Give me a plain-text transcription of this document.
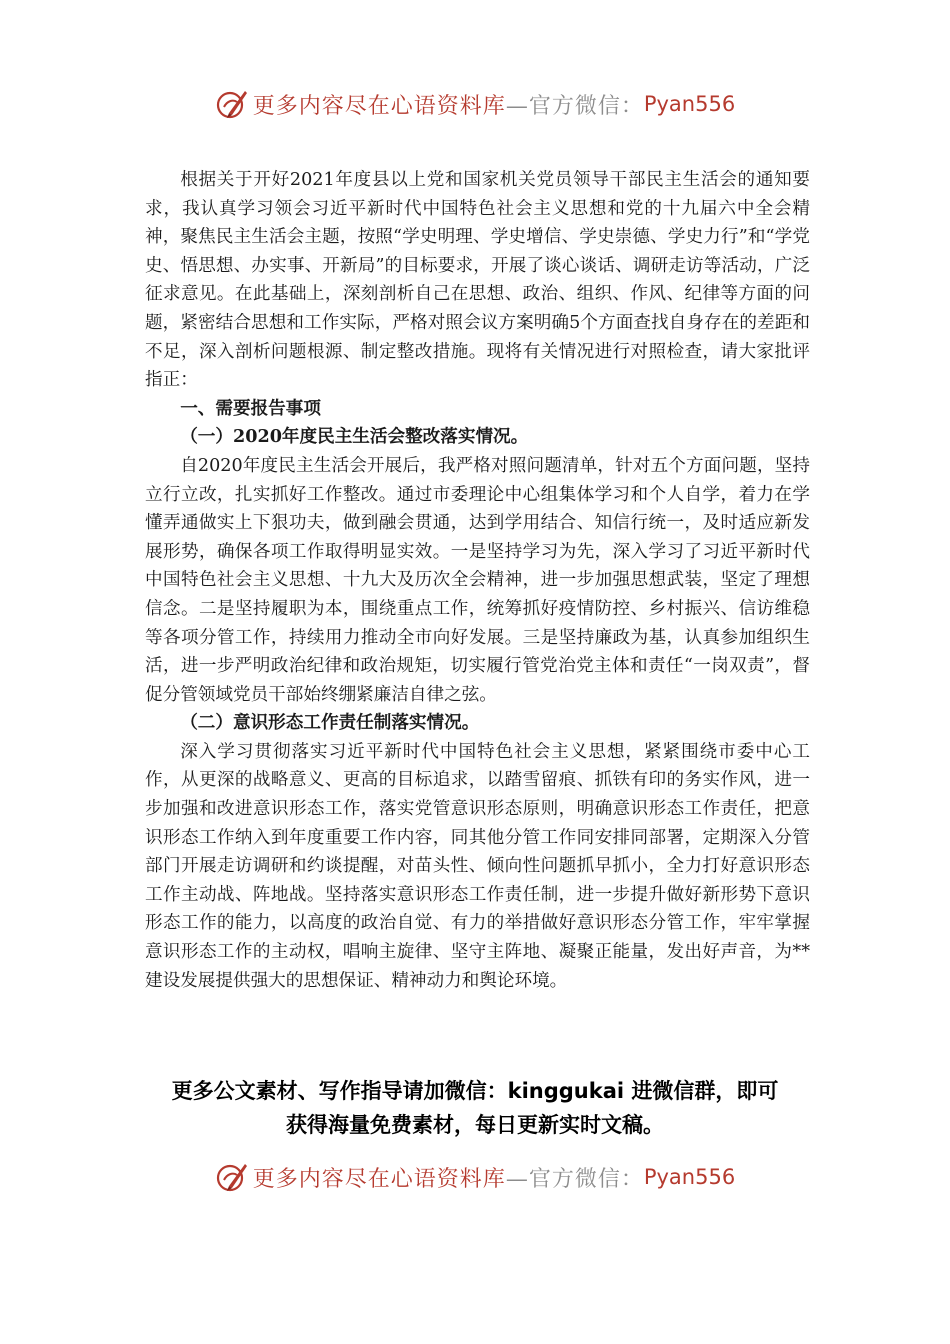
更多内容尽在心语资料库 —官方微信： Pyan556

根据关于开好2021年度县以上党和国家机关党员领导干部民主生活会的通知要求，我认真学习领会习近平新时代中国特色社会主义思想和党的十九届六中全会精神，聚焦民主生活会主题，按照“学史明理、学史增信、学史崇德、学史力行”和“学党史、悟思想、办实事、开新局”的目标要求，开展了谈心谈话、调研走访等活动，广泛征求意见。在此基础上，深刻剖析自己在思想、政治、组织、作风、纪律等方面的问题，紧密结合思想和工作实际，严格对照会议方案明确5个方面查找自身存在的差距和不足，深入剖析问题根源、制定整改措施。现将有关情况进行对照检查，请大家批评指正：

一、需要报告事项

（一）2020年度民主生活会整改落实情况。

自2020年度民主生活会开展后，我严格对照问题清单，针对五个方面问题，坚持立行立改，扎实抓好工作整改。通过市委理论中心组集体学习和个人自学，着力在学懂弄通做实上下狠功夫，做到融会贯通，达到学用结合、知信行统一，及时适应新发展形势，确保各项工作取得明显实效。一是坚持学习为先，深入学习了习近平新时代中国特色社会主义思想、十九大及历次全会精神，进一步加强思想武装，坚定了理想信念。二是坚持履职为本，围绕重点工作，统筹抓好疫情防控、乡村振兴、信访维稳等各项分管工作，持续用力推动全市向好发展。三是坚持廉政为基，认真参加组织生活，进一步严明政治纪律和政治规矩，切实履行管党治党主体和责任“一岗双责”，督促分管领域党员干部始终绷紧廉洁自律之弦。

（二）意识形态工作责任制落实情况。

深入学习贯彻落实习近平新时代中国特色社会主义思想，紧紧围绕市委中心工作，从更深的战略意义、更高的目标追求，以踏雪留痕、抓铁有印的务实作风，进一步加强和改进意识形态工作，落实党管意识形态原则，明确意识形态工作责任，把意识形态工作纳入到年度重要工作内容，同其他分管工作同安排同部署，定期深入分管部门开展走访调研和约谈提醒，对苗头性、倾向性问题抓早抓小，全力打好意识形态工作主动战、阵地战。坚持落实意识形态工作责任制，进一步提升做好新形势下意识形态工作的能力，以高度的政治自觉、有力的举措做好意识形态分管工作，牢牢掌握意识形态工作的主动权，唱响主旋律、坚守主阵地、凝聚正能量，发出好声音，为**建设发展提供强大的思想保证、精神动力和舆论环境。

更多公文素材、写作指导请加微信：kinggukai 进微信群，即可
获得海量免费素材，每日更新实时文稿。
更多内容尽在心语资料库 —官方微信： Pyan556
